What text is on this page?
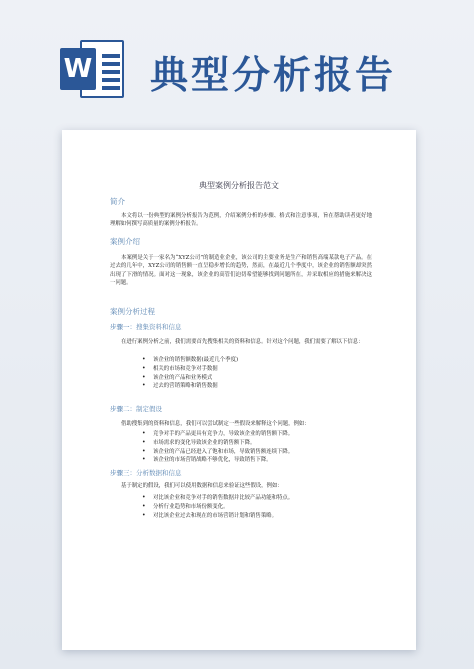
W 典型分析报告
典型案例分析报告范文
简介
本文将以一份典型的案例分析报告为范例，介绍案例分析的步骤、格式和注意事项，旨在帮助读者更好地理解如何撰写高质量的案例分析报告。
案例介绍
本案例是关于一家名为“XYZ公司”的制造业企业，该公司的主要业务是生产和销售高端某款电子产品。在过去的几年中，XYZ公司的销售额一直呈稳步增长的趋势，然而，在最近几个季度中，该企业的销售额却突然出现了下滑的情况。面对这一现象，该企业的高管们迫切希望能够找到问题所在，并采取相应的措施来解决这一问题。
案例分析过程
步骤一：搜集资料和信息
在进行案例分析之前，我们需要首先搜集相关的资料和信息。针对这个问题，我们需要了解以下信息：
• 该企业的销售额数据(最近几个季度)
• 相关的市场和竞争对手数据
• 该企业的产品和业务模式
• 过去的营销策略和销售数据
步骤二：制定假设
借助搜集到的资料和信息，我们可以尝试制定一些假设来解释这个问题，例如：
• 竞争对手的产品更具有竞争力，导致该企业的销售额下降。
• 市场需求的变化导致该企业的销售额下降。
• 该企业的产品已经进入了饱和市场，导致销售额连续下降。
• 该企业的市场营销战略不够优化，导致销售下降。
步骤三：分析数据和信息
基于制定的假设，我们可以使用数据和信息来验证这些假设，例如：
• 对比该企业和竞争对手的销售数据并比较产品功能和特点。
• 分析行业趋势和市场份额变化。
• 对比该企业过去和现在的市场营销计划和销售策略。
